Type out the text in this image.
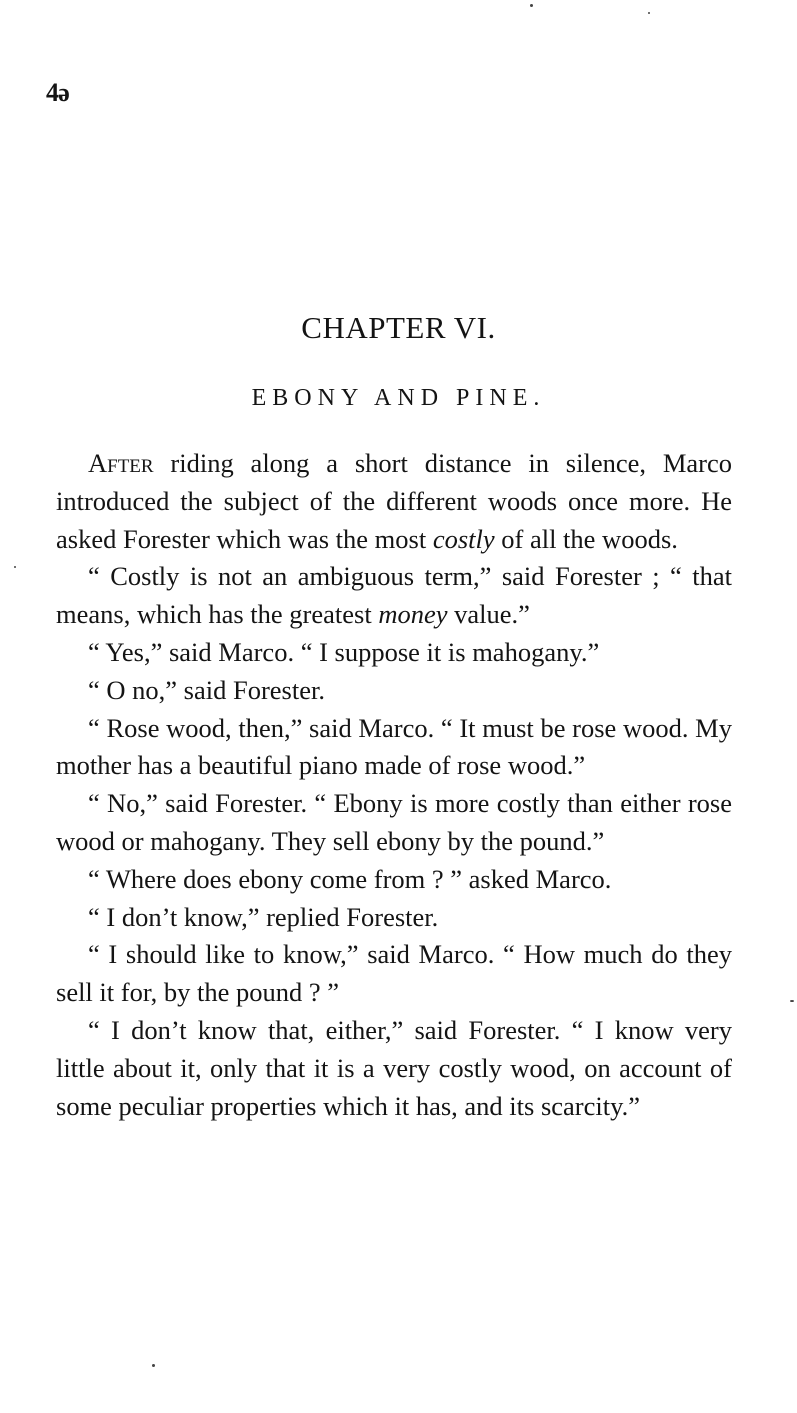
4ǝ
CHAPTER VI.
EBONY AND PINE.

After riding along a short distance in silence, Marco introduced the subject of the different woods once more. He asked Forester which was the most costly of all the woods.

“ Costly is not an ambiguous term,” said Forester ; “ that means, which has the greatest money value.”

“ Yes,” said Marco. “ I suppose it is mahogany.”

“ O no,” said Forester.

“ Rose wood, then,” said Marco. “ It must be rose wood. My mother has a beautiful piano made of rose wood.”

“ No,” said Forester. “ Ebony is more costly than either rose wood or mahogany. They sell ebony by the pound.”

“ Where does ebony come from ? ” asked Marco.

“ I don’t know,” replied Forester.

“ I should like to know,” said Marco. “ How much do they sell it for, by the pound ? ”

“ I don’t know that, either,” said Forester. “ I know very little about it, only that it is a very costly wood, on account of some peculiar properties which it has, and its scarcity.”
